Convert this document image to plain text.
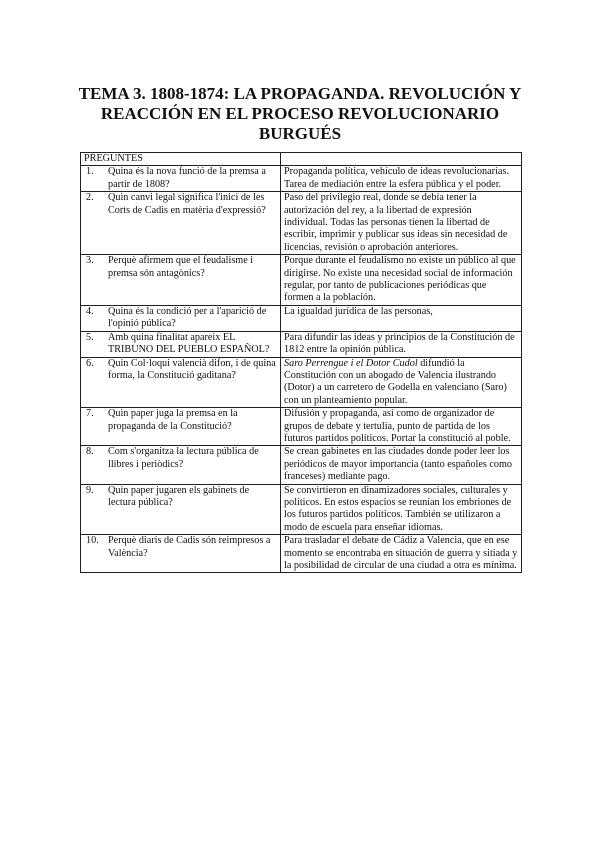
TEMA 3. 1808-1874: LA PROPAGANDA. REVOLUCIÓN Y REACCIÓN EN EL PROCESO REVOLUCIONARIO BURGUÉS
PREGUNTES	

1. Quina és la nova funció de la premsa a partir de 1808?	Propaganda política, vehículo de ideas revolucionarias. Tarea de mediación entre la esfera pública y el poder.

2. Quin canvi legal significa l'inici de les Corts de Cadis en matèria d'expressió?	Paso del privilegio real, donde se debía tener la autorización del rey, a la libertad de expresión individual. Todas las personas tienen la libertad de escribir, imprimir y publicar sus ideas sin necesidad de licencias, revisión o aprobación anteriores.

3. Perquè afirmem que el feudalisme i premsa són antagònics?	Porque durante el feudalismo no existe un público al que dirigirse. No existe una necesidad social de información regular, por tanto de publicaciones periódicas que formen a la población.

4. Quina és la condició per a l'aparició de l'opinió pública?	La igualdad jurídica de las personas,

5. Amb quina finalitat apareix EL TRIBUNO DEL PUEBLO ESPAÑOL?	Para difundir las ideas y principios de la Constitución de 1812 entre la opinión pública.

6. Quin Col·loqui valencià difon, i de quina forma, la Constitució gaditana?	Saro Perrengue i el Dotor Cudol difundió la Constitución con un abogado de Valencia ilustrando (Dotor) a un carretero de Godella en valenciano (Saro) con un planteamiento popular.

7. Quin paper juga la premsa en la propaganda de la Constitució?	Difusión y propaganda, así como de organizador de grupos de debate y tertulia, punto de partida de los futuros partidos políticos. Portar la constitució al poble.

8. Com s'organitza la lectura pública de llibres i periòdics?	Se crean gabinetes en las ciudades donde poder leer los periódicos de mayor importancia (tanto españoles como franceses) mediante pago.

9. Quin paper jugaren els gabinets de lectura pública?	Se convirtieron en dinamizadores sociales, culturales y políticos. En estos espacios se reunían los embriones de los futuros partidos políticos. También se utilizaron a modo de escuela para enseñar idiomas.

10. Perquè diaris de Cadis són reimpresos a València?	Para trasladar el debate de Cádiz a Valencia, que en ese momento se encontraba en situación de guerra y sitiada y la posibilidad de circular de una ciudad a otra es mínima.
